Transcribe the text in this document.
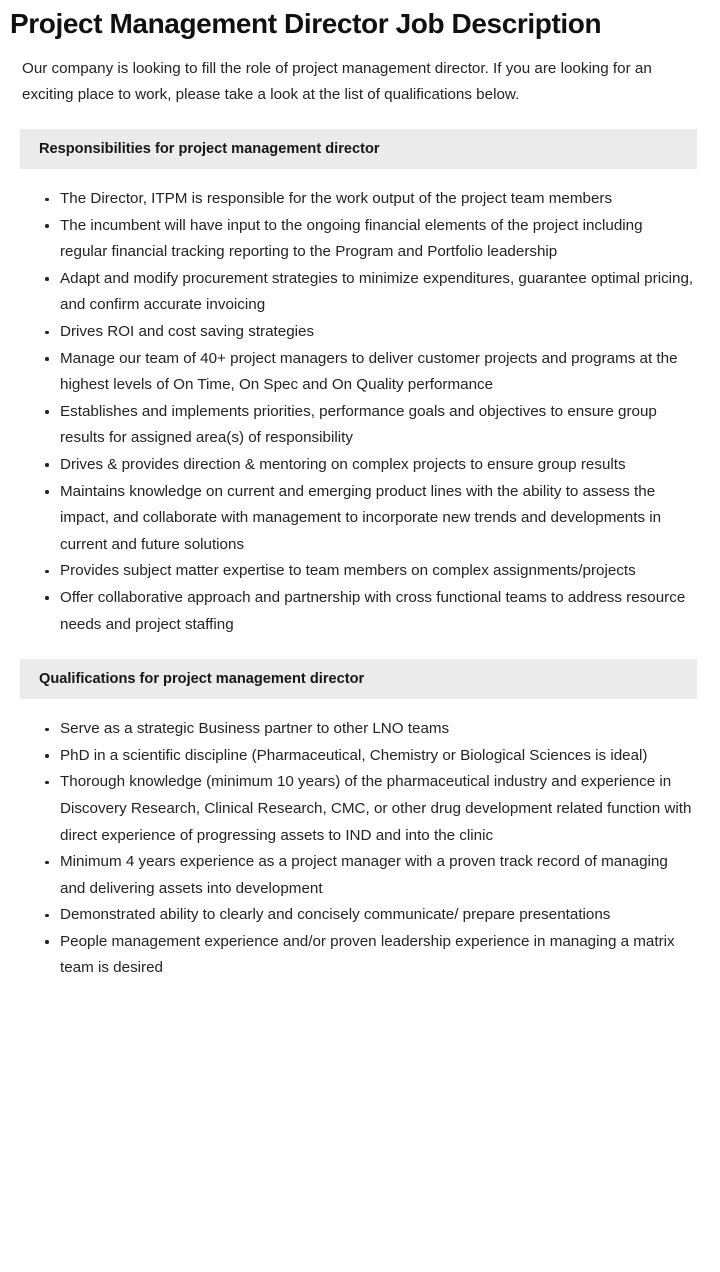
Project Management Director Job Description

Our company is looking to fill the role of project management director. If you are looking for an exciting place to work, please take a look at the list of qualifications below.

Responsibilities for project management director
The Director, ITPM is responsible for the work output of the project team members
The incumbent will have input to the ongoing financial elements of the project including regular financial tracking reporting to the Program and Portfolio leadership
Adapt and modify procurement strategies to minimize expenditures, guarantee optimal pricing, and confirm accurate invoicing
Drives ROI and cost saving strategies
Manage our team of 40+ project managers to deliver customer projects and programs at the highest levels of On Time, On Spec and On Quality performance
Establishes and implements priorities, performance goals and objectives to ensure group results for assigned area(s) of responsibility
Drives & provides direction & mentoring on complex projects to ensure group results
Maintains knowledge on current and emerging product lines with the ability to assess the impact, and collaborate with management to incorporate new trends and developments in current and future solutions
Provides subject matter expertise to team members on complex assignments/projects
Offer collaborative approach and partnership with cross functional teams to address resource needs and project staffing
Qualifications for project management director
Serve as a strategic Business partner to other LNO teams
PhD in a scientific discipline (Pharmaceutical, Chemistry or Biological Sciences is ideal)
Thorough knowledge (minimum 10 years) of the pharmaceutical industry and experience in Discovery Research, Clinical Research, CMC, or other drug development related function with direct experience of progressing assets to IND and into the clinic
Minimum 4 years experience as a project manager with a proven track record of managing and delivering assets into development
Demonstrated ability to clearly and concisely communicate/ prepare presentations
People management experience and/or proven leadership experience in managing a matrix team is desired
